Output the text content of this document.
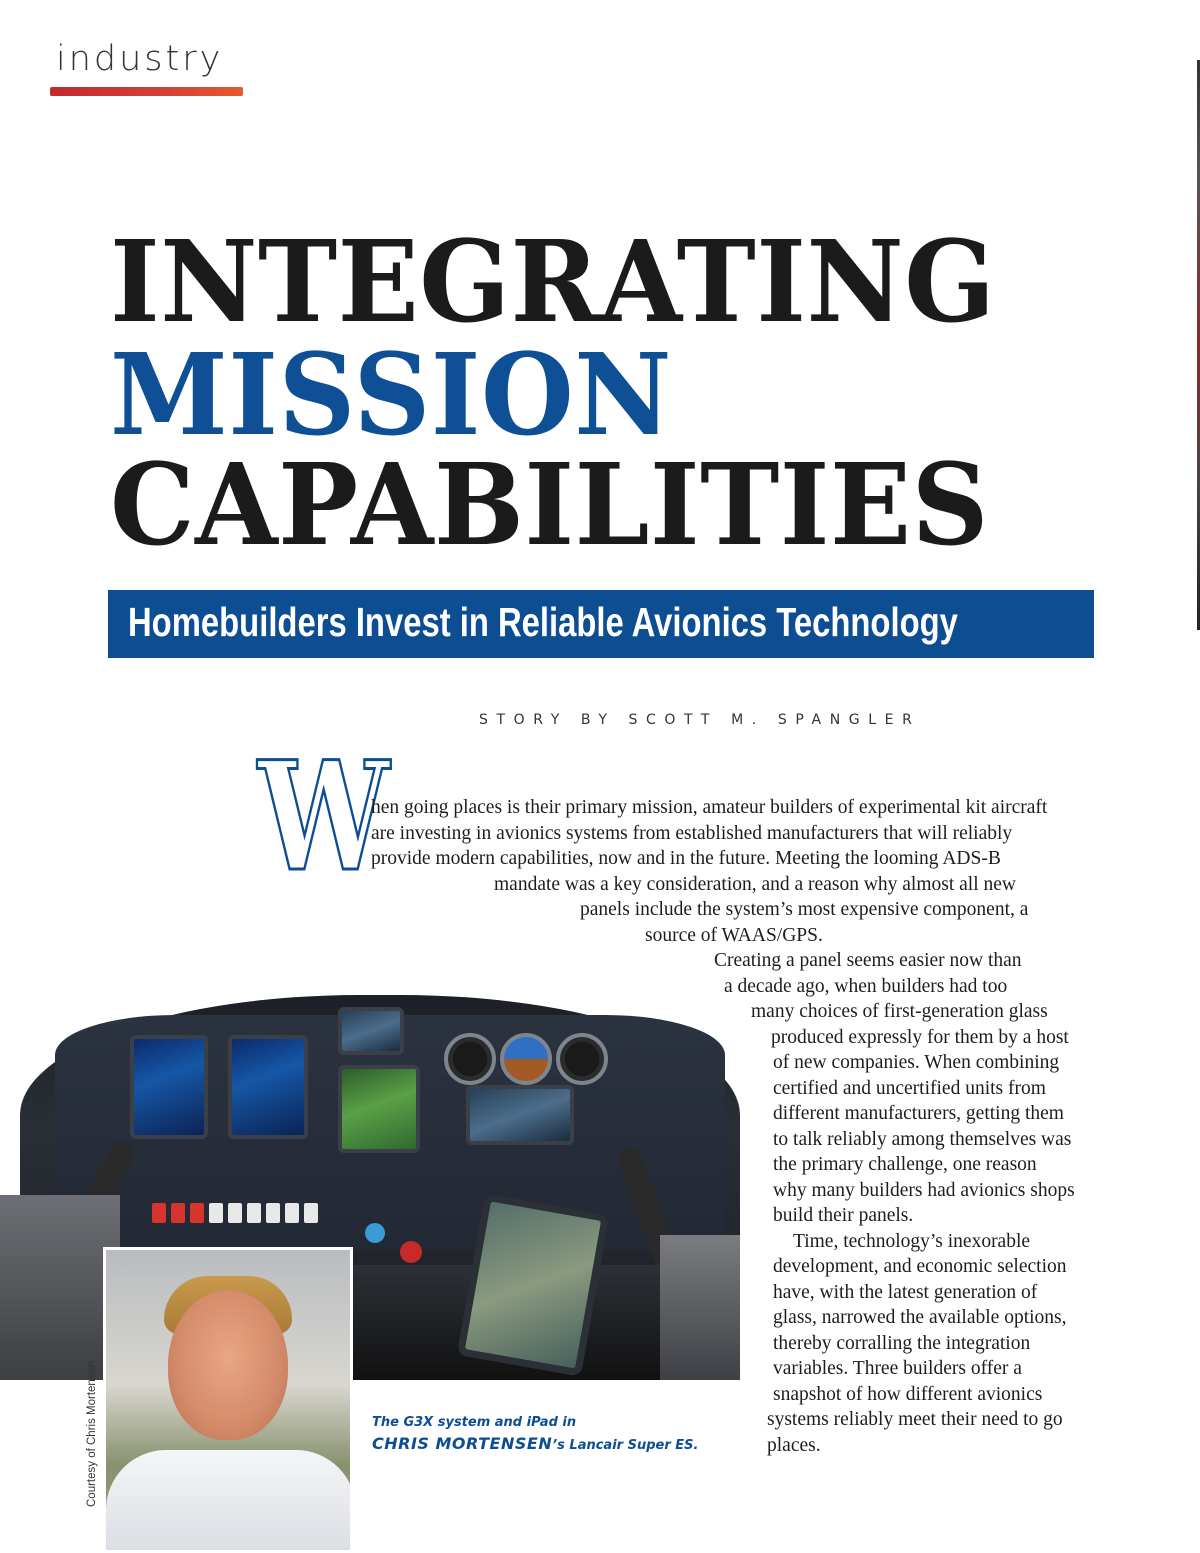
industry
INTEGRATING
MISSION
CAPABILITIES
Homebuilders Invest in Reliable Avionics Technology
STORY BY SCOTT M. SPANGLER
Courtesy of Chris Mortensen	The G3X system and iPad in
CHRIS MORTENSEN’s Lancair Super ES.
W
hen going places is their primary mission, amateur builders of experimental kit aircraft
are investing in avionics systems from established manufacturers that will reliably
provide modern capabilities, now and in the future. Meeting the looming ADS-B
mandate was a key consideration, and a reason why almost all new
panels include the system’s most expensive component, a
source of WAAS/GPS.
Creating a panel seems easier now than
a decade ago, when builders had too
many choices of first-generation glass
produced expressly for them by a host
of new companies. When combining
certified and uncertified units from
different manufacturers, getting them
to talk reliably among themselves was
the primary challenge, one reason
why many builders had avionics shops
build their panels.
Time, technology’s inexorable
development, and economic selection
have, with the latest generation of
glass, narrowed the available options,
thereby corralling the integration
variables. Three builders offer a
snapshot of how different avionics
systems reliably meet their need to go
places.
